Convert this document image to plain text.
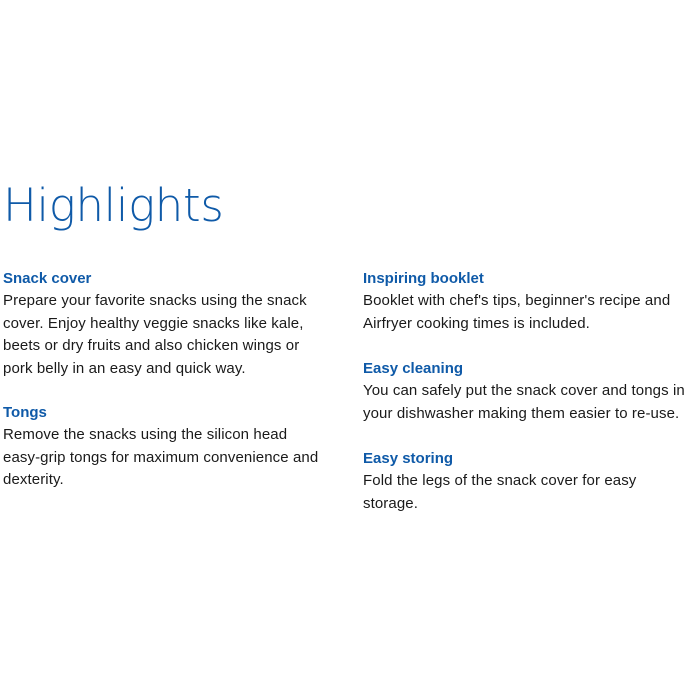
Highlights
Snack cover

Prepare your favorite snacks using the snack
cover. Enjoy healthy veggie snacks like kale,
beets or dry fruits and also chicken wings or
pork belly in an easy and quick way.

Tongs

Remove the snacks using the silicon head
easy-grip tongs for maximum convenience and
dexterity.

Inspiring booklet

Booklet with chef's tips, beginner's recipe and
Airfryer cooking times is included.

Easy cleaning

You can safely put the snack cover and tongs in
your dishwasher making them easier to re-use.

Easy storing

Fold the legs of the snack cover for easy
storage.
